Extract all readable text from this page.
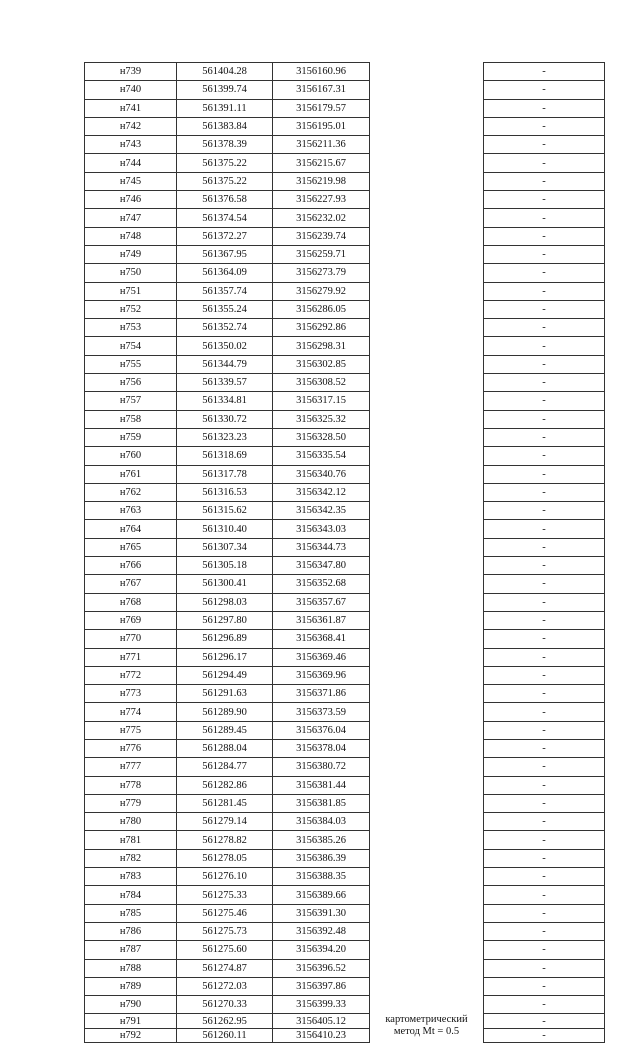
н739	561404.28	3156160.96		-
н740	561399.74	3156167.31		-
н741	561391.11	3156179.57		-
н742	561383.84	3156195.01		-
н743	561378.39	3156211.36		-
н744	561375.22	3156215.67		-
н745	561375.22	3156219.98		-
н746	561376.58	3156227.93		-
н747	561374.54	3156232.02		-
н748	561372.27	3156239.74		-
н749	561367.95	3156259.71		-
н750	561364.09	3156273.79		-
н751	561357.74	3156279.92		-
н752	561355.24	3156286.05		-
н753	561352.74	3156292.86		-
н754	561350.02	3156298.31		-
н755	561344.79	3156302.85		-
н756	561339.57	3156308.52		-
н757	561334.81	3156317.15		-
н758	561330.72	3156325.32		-
н759	561323.23	3156328.50		-
н760	561318.69	3156335.54		-
н761	561317.78	3156340.76		-
н762	561316.53	3156342.12		-
н763	561315.62	3156342.35		-
н764	561310.40	3156343.03		-
н765	561307.34	3156344.73		-
н766	561305.18	3156347.80		-
н767	561300.41	3156352.68		-
н768	561298.03	3156357.67		-
н769	561297.80	3156361.87		-
н770	561296.89	3156368.41		-
н771	561296.17	3156369.46		-
н772	561294.49	3156369.96		-
н773	561291.63	3156371.86		-
н774	561289.90	3156373.59		-
н775	561289.45	3156376.04		-
н776	561288.04	3156378.04		-
н777	561284.77	3156380.72		-
н778	561282.86	3156381.44		-
н779	561281.45	3156381.85		-
н780	561279.14	3156384.03		-
н781	561278.82	3156385.26		-
н782	561278.05	3156386.39		-
н783	561276.10	3156388.35		-
н784	561275.33	3156389.66		-
н785	561275.46	3156391.30		-
н786	561275.73	3156392.48		-
н787	561275.60	3156394.20		-
н788	561274.87	3156396.52		-
н789	561272.03	3156397.86		-
н790	561270.33	3156399.33		-
н791	561262.95	3156405.12	картометрический
метод Mt = 0.5	-
н792	561260.11	3156410.23		-
